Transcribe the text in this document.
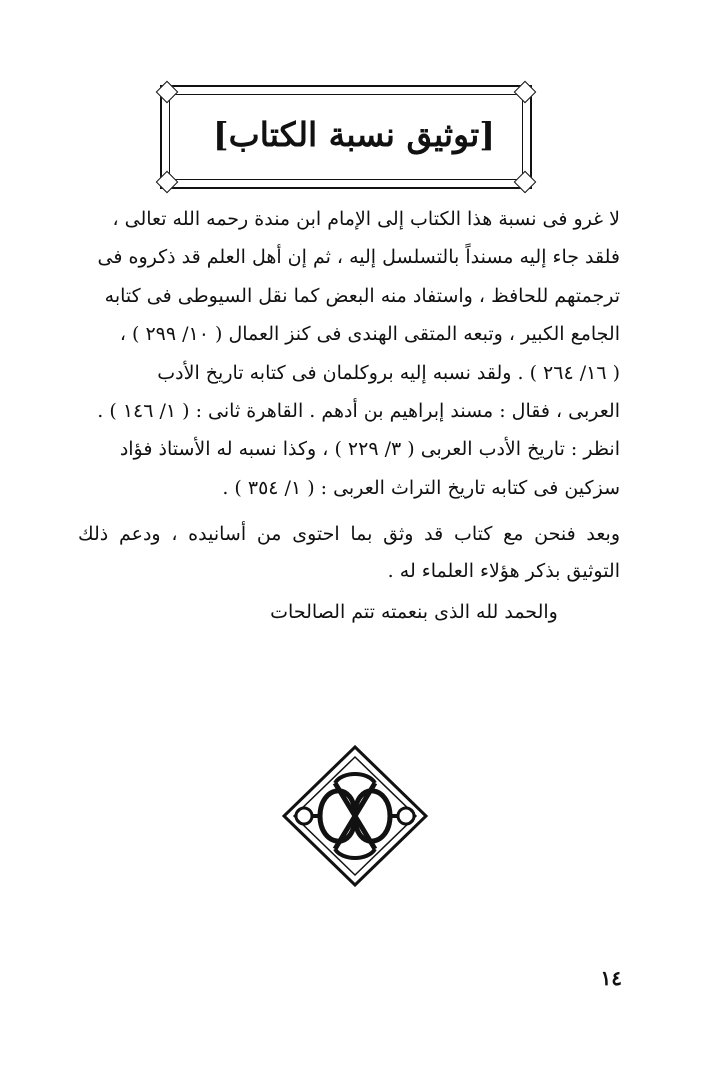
[توثيق نسبة الكتاب]

لا غرو فى نسبة هذا الكتاب إلى الإمام ابن مندة رحمه الله تعالى ،

فلقد جاء إليه مسنداً بالتسلسل إليه ، ثم إن أهل العلم قد ذكروه فى

ترجمتهم للحافظ ، واستفاد منه البعض كما نقل السيوطى فى كتابه

الجامع الكبير ، وتبعه المتقى الهندى فى كنز العمال ( ١٠/ ٢٩٩ ) ،

( ١٦/ ٢٦٤ ) . ولقد نسبه إليه بروكلمان فى كتابه تاريخ الأدب

العربى ، فقال : مسند إبراهيم بن أدهم . القاهرة ثانى : ( ١/ ١٤٦ ) .

انظر : تاريخ الأدب العربى ( ٣/ ٢٢٩ ) ، وكذا نسبه له الأستاذ فؤاد

سزكين فى كتابه تاريخ التراث العربى : ( ١/ ٣٥٤ ) .

وبعد فنحن مع كتاب قد وثق بما احتوى من أسانيده ، ودعم ذلك

التوثيق بذكر هؤلاء العلماء له .

والحمد لله الذى بنعمته تتم الصالحات
١٤
